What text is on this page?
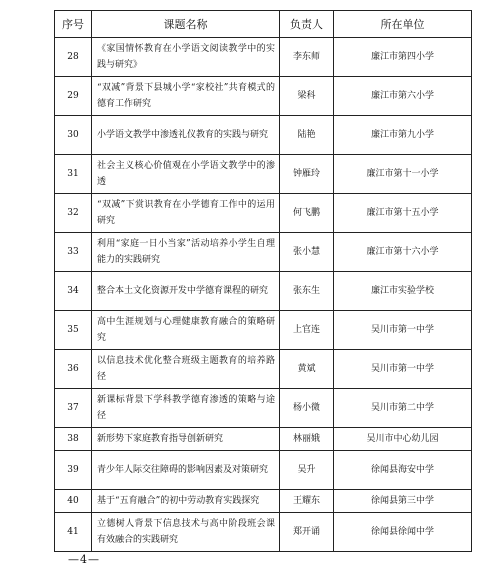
序号	课题名称	负责人	所在单位
28	《家国情怀教育在小学语文阅读教学中的实践与研究》	李东师	廉江市第四小学
29	“双减”背景下县城小学“家校社”共育模式的德育工作研究	梁科	廉江市第六小学
30	小学语文教学中渗透礼仪教育的实践与研究	陆艳	廉江市第九小学
31	社会主义核心价值观在小学语文教学中的渗透	钟雁玲	廉江市第十一小学
32	“双减”下赏识教育在小学德育工作中的运用研究	何飞鹏	廉江市第十五小学
33	利用“家庭一日小当家”活动培养小学生自理能力的实践研究	张小慧	廉江市第十六小学
34	整合本土文化资源开发中学德育课程的研究	张东生	廉江市实验学校
35	高中生涯规划与心理健康教育融合的策略研究	上官连	吴川市第一中学
36	以信息技术优化整合班级主题教育的培养路径	黄斌	吴川市第一中学
37	新课标背景下学科教学德育渗透的策略与途径	杨小微	吴川市第二中学
38	新形势下家庭教育指导创新研究	林丽娥	吴川市中心幼儿园
39	青少年人际交往障碍的影响因素及对策研究	吴升	徐闻县海安中学
40	基于“五育融合”的初中劳动教育实践探究	王耀东	徐闻县第三中学
41	立德树人背景下信息技术与高中阶段班会课有效融合的实践研究	郑开诵	徐闻县徐闻中学
—4—
